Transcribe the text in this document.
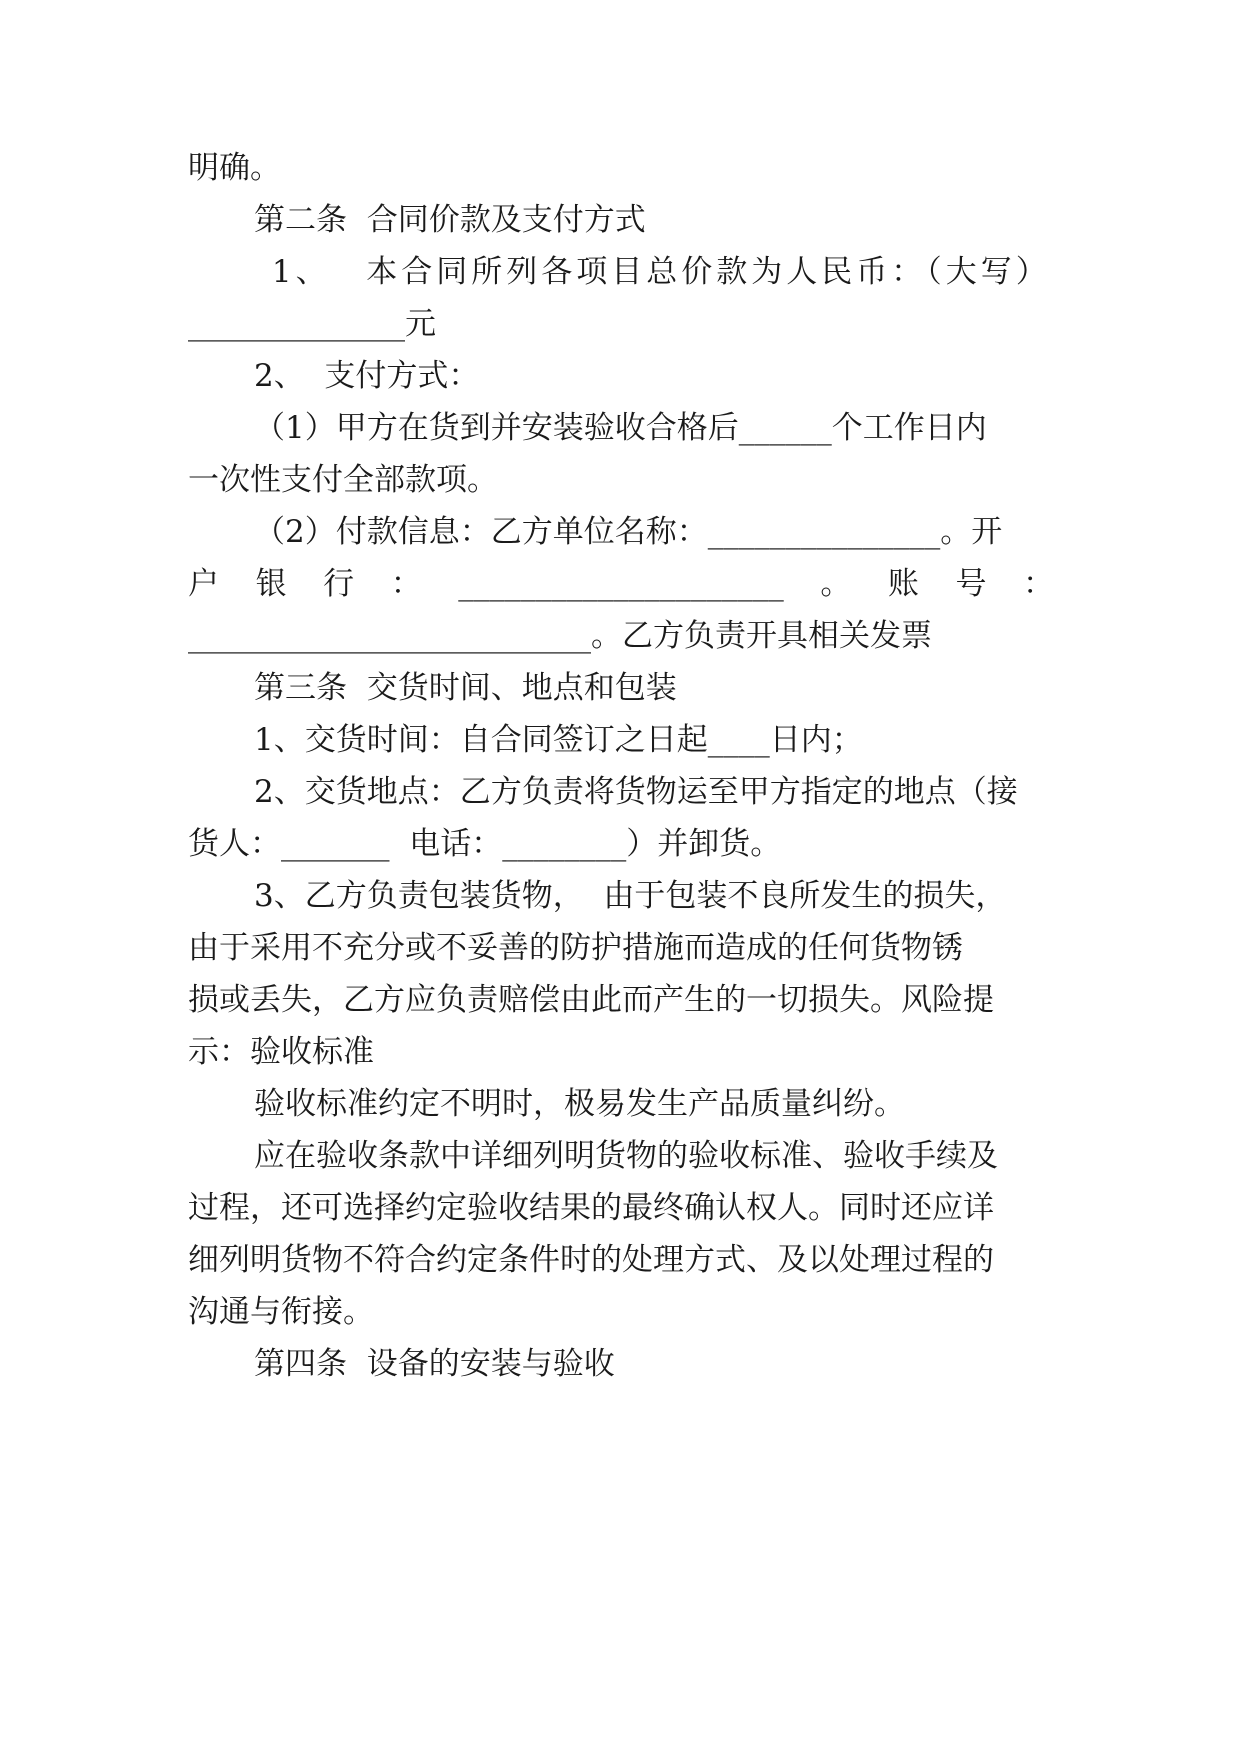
明确。
第二条  合同价款及支付方式
1、  本合同所列各项目总价款为人民币：（大写）
______________元
2、  支付方式：
（1）甲方在货到并安装验收合格后______个工作日内
一次性支付全部款项。
（2）付款信息：乙方单位名称：_______________。开
户 银 行 ： _____________________ 。 账 号 ：
__________________________。乙方负责开具相关发票
第三条  交货时间、地点和包装
1、交货时间：自合同签订之日起____日内；
2、交货地点：乙方负责将货物运至甲方指定的地点（接
货人：_______  电话：________）并卸货。
3、乙方负责包装货物，  由于包装不良所发生的损失，
由于采用不充分或不妥善的防护措施而造成的任何货物锈
损或丢失，乙方应负责赔偿由此而产生的一切损失。风险提
示：验收标准
验收标准约定不明时，极易发生产品质量纠纷。
应在验收条款中详细列明货物的验收标准、验收手续及
过程，还可选择约定验收结果的最终确认权人。同时还应详
细列明货物不符合约定条件时的处理方式、及以处理过程的
沟通与衔接。
第四条  设备的安装与验收
